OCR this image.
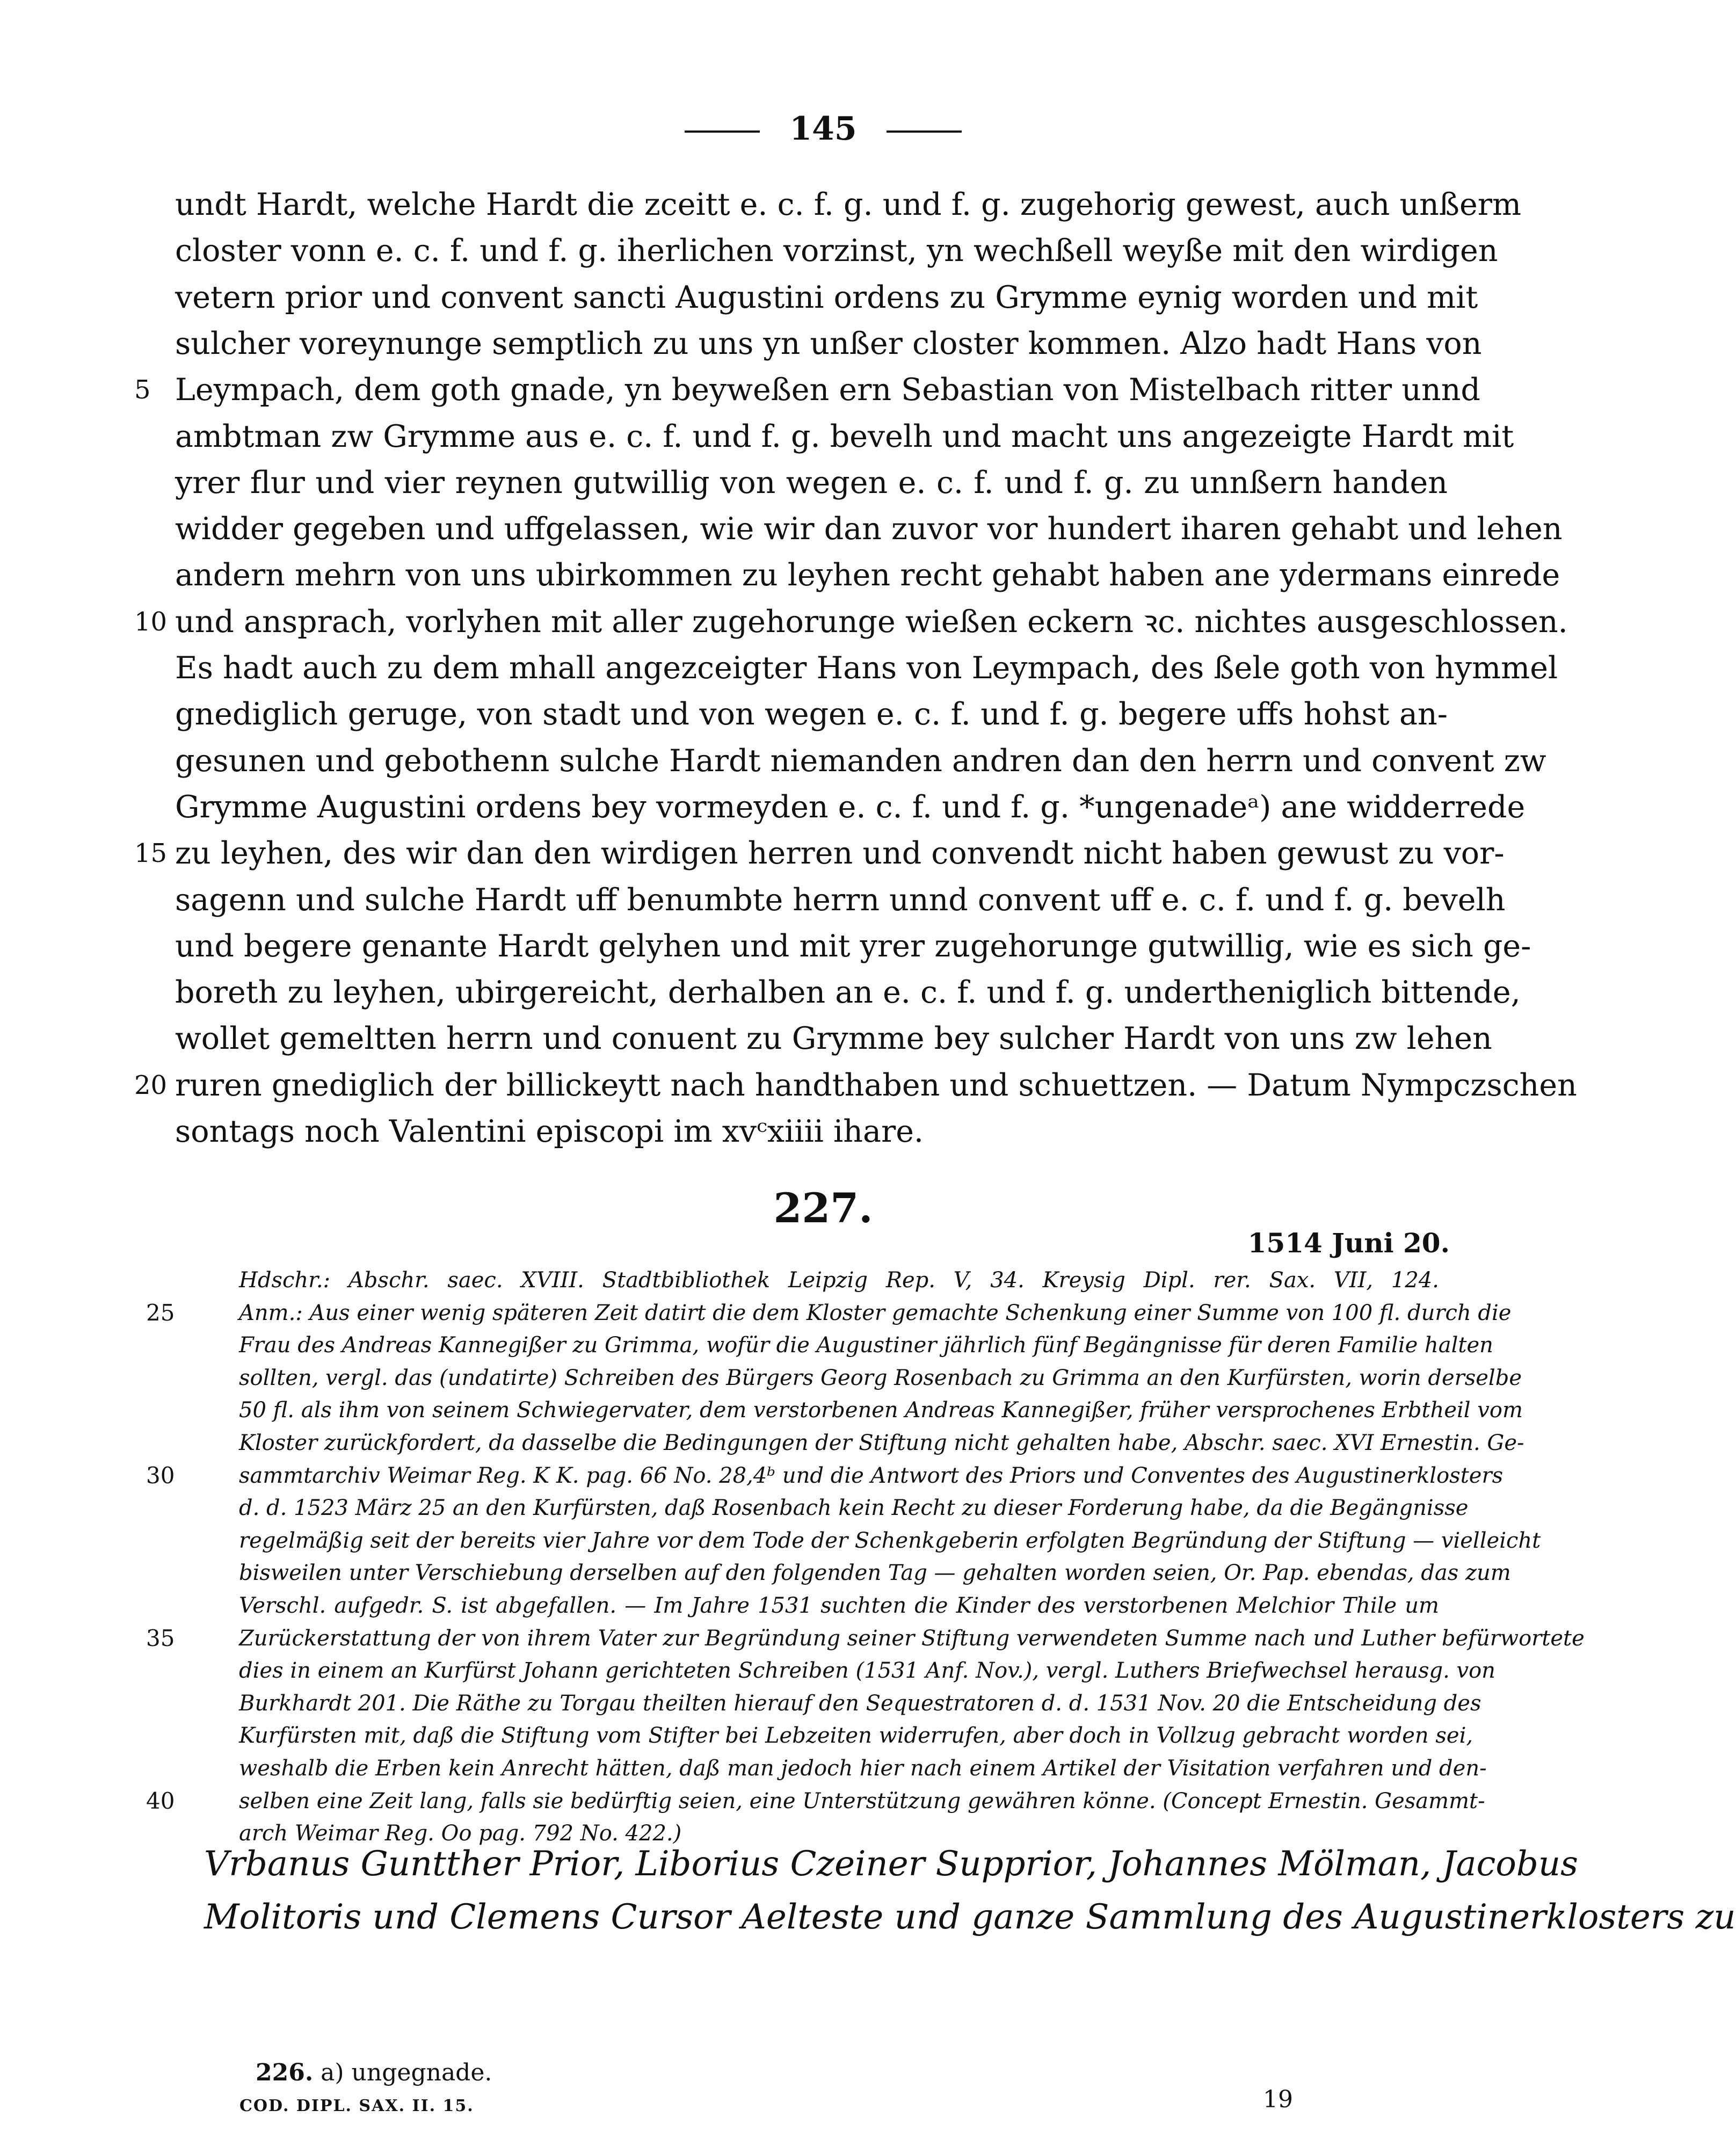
145
undt Hardt, welche Hardt die zceitt e. c. f. g. und f. g. zugehorig gewest, auch unßerm
closter vonn e. c. f. und f. g. iherlichen vorzinst, yn wechßell weyße mit den wirdigen
vetern prior und convent sancti Augustini ordens zu Grymme eynig worden und mit
sulcher voreynunge semptlich zu uns yn unßer closter kommen. Alzo hadt Hans von
Leympach, dem goth gnade, yn beyweßen ern Sebastian von Mistelbach ritter unnd
5
ambtman zw Grymme aus e. c. f. und f. g. bevelh und macht uns angezeigte Hardt mit
yrer flur und vier reynen gutwillig von wegen e. c. f. und f. g. zu unnßern handen
widder gegeben und uffgelassen, wie wir dan zuvor vor hundert iharen gehabt und lehen
andern mehrn von uns ubirkommen zu leyhen recht gehabt haben ane ydermans einrede
und ansprach, vorlyhen mit aller zugehorunge wießen eckern ꝛc. nichtes ausgeschlossen.
10
Es hadt auch zu dem mhall angezceigter Hans von Leympach, des ßele goth von hymmel
gnediglich geruge, von stadt und von wegen e. c. f. und f. g. begere uffs hohst an-
gesunen und gebothenn sulche Hardt niemanden andren dan den herrn und convent zw
Grymme Augustini ordens bey vormeyden e. c. f. und f. g. *ungenadeᵃ) ane widderrede
zu leyhen, des wir dan den wirdigen herren und convendt nicht haben gewust zu vor-
15
sagenn und sulche Hardt uff benumbte herrn unnd convent uff e. c. f. und f. g. bevelh
und begere genante Hardt gelyhen und mit yrer zugehorunge gutwillig, wie es sich ge-
boreth zu leyhen, ubirgereicht, derhalben an e. c. f. und f. g. undertheniglich bittende,
wollet gemeltten herrn und conuent zu Grymme bey sulcher Hardt von uns zw lehen
ruren gnediglich der billickeytt nach handthaben und schuettzen. — Datum Nympczschen
20
sontags noch Valentini episcopi im xvᶜxiiii ihare.
227.
1514 Juni 20.
Hdschr.: Abschr. saec. XVIII. Stadtbibliothek Leipzig Rep. V, 34. Kreysig Dipl. rer. Sax. VII, 124.
Anm.: Aus einer wenig späteren Zeit datirt die dem Kloster gemachte Schenkung einer Summe von 100 fl. durch die
25
Frau des Andreas Kannegißer zu Grimma, wofür die Augustiner jährlich fünf Begängnisse für deren Familie halten
sollten, vergl. das (undatirte) Schreiben des Bürgers Georg Rosenbach zu Grimma an den Kurfürsten, worin derselbe
50 fl. als ihm von seinem Schwiegervater, dem verstorbenen Andreas Kannegißer, früher versprochenes Erbtheil vom
Kloster zurückfordert, da dasselbe die Bedingungen der Stiftung nicht gehalten habe, Abschr. saec. XVI Ernestin. Ge-
sammtarchiv Weimar Reg. K K. pag. 66 No. 28,4ᵇ und die Antwort des Priors und Conventes des Augustinerklosters
30
d. d. 1523 März 25 an den Kurfürsten, daß Rosenbach kein Recht zu dieser Forderung habe, da die Begängnisse
regelmäßig seit der bereits vier Jahre vor dem Tode der Schenkgeberin erfolgten Begründung der Stiftung — vielleicht
bisweilen unter Verschiebung derselben auf den folgenden Tag — gehalten worden seien, Or. Pap. ebendas, das zum
Verschl. aufgedr. S. ist abgefallen. — Im Jahre 1531 suchten die Kinder des verstorbenen Melchior Thile um
Zurückerstattung der von ihrem Vater zur Begründung seiner Stiftung verwendeten Summe nach und Luther befürwortete
35
dies in einem an Kurfürst Johann gerichteten Schreiben (1531 Anf. Nov.), vergl. Luthers Briefwechsel herausg. von
Burkhardt 201. Die Räthe zu Torgau theilten hierauf den Sequestratoren d. d. 1531 Nov. 20 die Entscheidung des
Kurfürsten mit, daß die Stiftung vom Stifter bei Lebzeiten widerrufen, aber doch in Vollzug gebracht worden sei,
weshalb die Erben kein Anrecht hätten, daß man jedoch hier nach einem Artikel der Visitation verfahren und den-
selben eine Zeit lang, falls sie bedürftig seien, eine Unterstützung gewähren könne. (Concept Ernestin. Gesammt-
40
arch Weimar Reg. Oo pag. 792 No. 422.)
Vrbanus Guntther Prior, Liborius Czeiner Supprior, Johannes Mölman, Jacobus
Molitoris und Clemens Cursor Aelteste und ganze Sammlung des Augustinerklosters zu
226. a) ungegnade.
COD. DIPL. SAX. II. 15.	19
